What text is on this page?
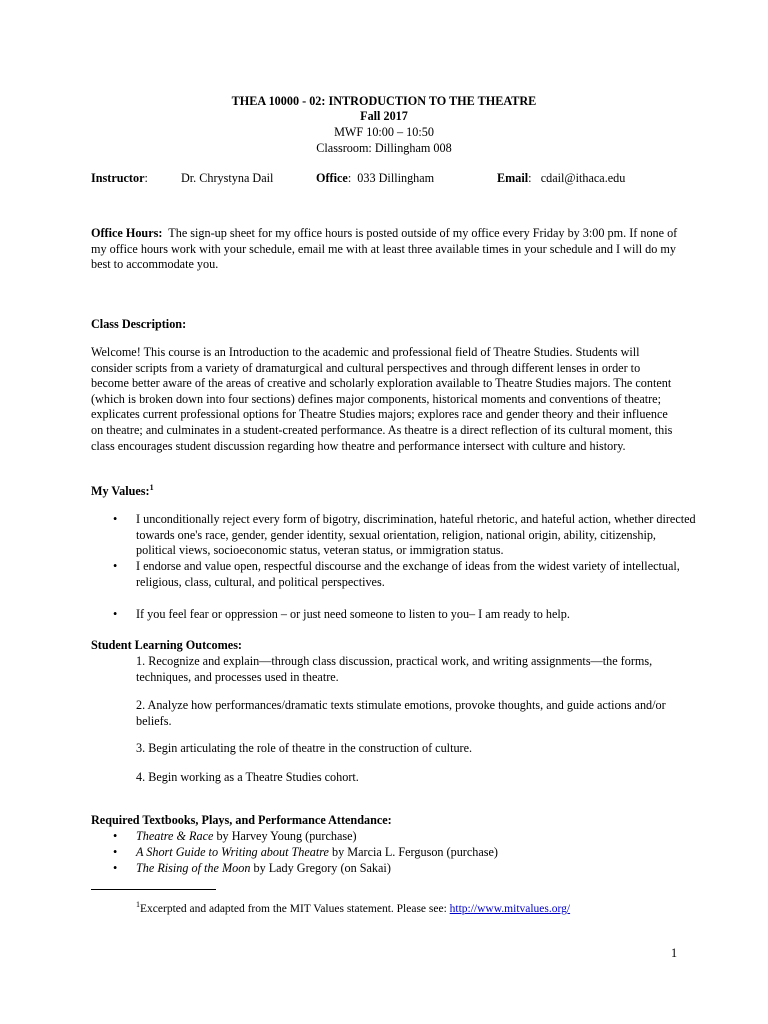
THEA 10000 - 02: INTRODUCTION TO THE THEATRE
Fall 2017
MWF 10:00 – 10:50
Classroom: Dillingham 008
Instructor:	Dr. Chrystyna Dail	Office:  033 Dillingham	Email:   cdail@ithaca.edu
Office Hours: The sign-up sheet for my office hours is posted outside of my office every Friday by 3:00 pm. If none of my office hours work with your schedule, email me with at least three available times in your schedule and I will do my best to accommodate you.
Class Description:
Welcome! This course is an Introduction to the academic and professional field of Theatre Studies. Students will consider scripts from a variety of dramaturgical and cultural perspectives and through different lenses in order to become better aware of the areas of creative and scholarly exploration available to Theatre Studies majors. The content (which is broken down into four sections) defines major components, historical moments and conventions of theatre; explicates current professional options for Theatre Studies majors; explores race and gender theory and their influence on theatre; and culminates in a student-created performance. As theatre is a direct reflection of its cultural moment, this class encourages student discussion regarding how theatre and performance intersect with culture and history.
My Values:$^1$
• I unconditionally reject every form of bigotry, discrimination, hateful rhetoric, and hateful action, whether directed towards one's race, gender, gender identity, sexual orientation, religion, national origin, ability, citizenship, political views, socioeconomic status, veteran status, or immigration status.
• I endorse and value open, respectful discourse and the exchange of ideas from the widest variety of intellectual, religious, class, cultural, and political perspectives.
• If you feel fear or oppression – or just need someone to listen to you– I am ready to help.
Student Learning Outcomes:
1. Recognize and explain—through class discussion, practical work, and writing assignments—the forms, techniques, and processes used in theatre.
2. Analyze how performances/dramatic texts stimulate emotions, provoke thoughts, and guide actions and/or beliefs.
3. Begin articulating the role of theatre in the construction of culture.
4. Begin working as a Theatre Studies cohort.
Required Textbooks, Plays, and Performance Attendance:
• Theatre & Race by Harvey Young (purchase)
• A Short Guide to Writing about Theatre by Marcia L. Ferguson (purchase)
• The Rising of the Moon by Lady Gregory (on Sakai)
$^1$Excerpted and adapted from the MIT Values statement. Please see: http://www.mitvalues.org/
1
